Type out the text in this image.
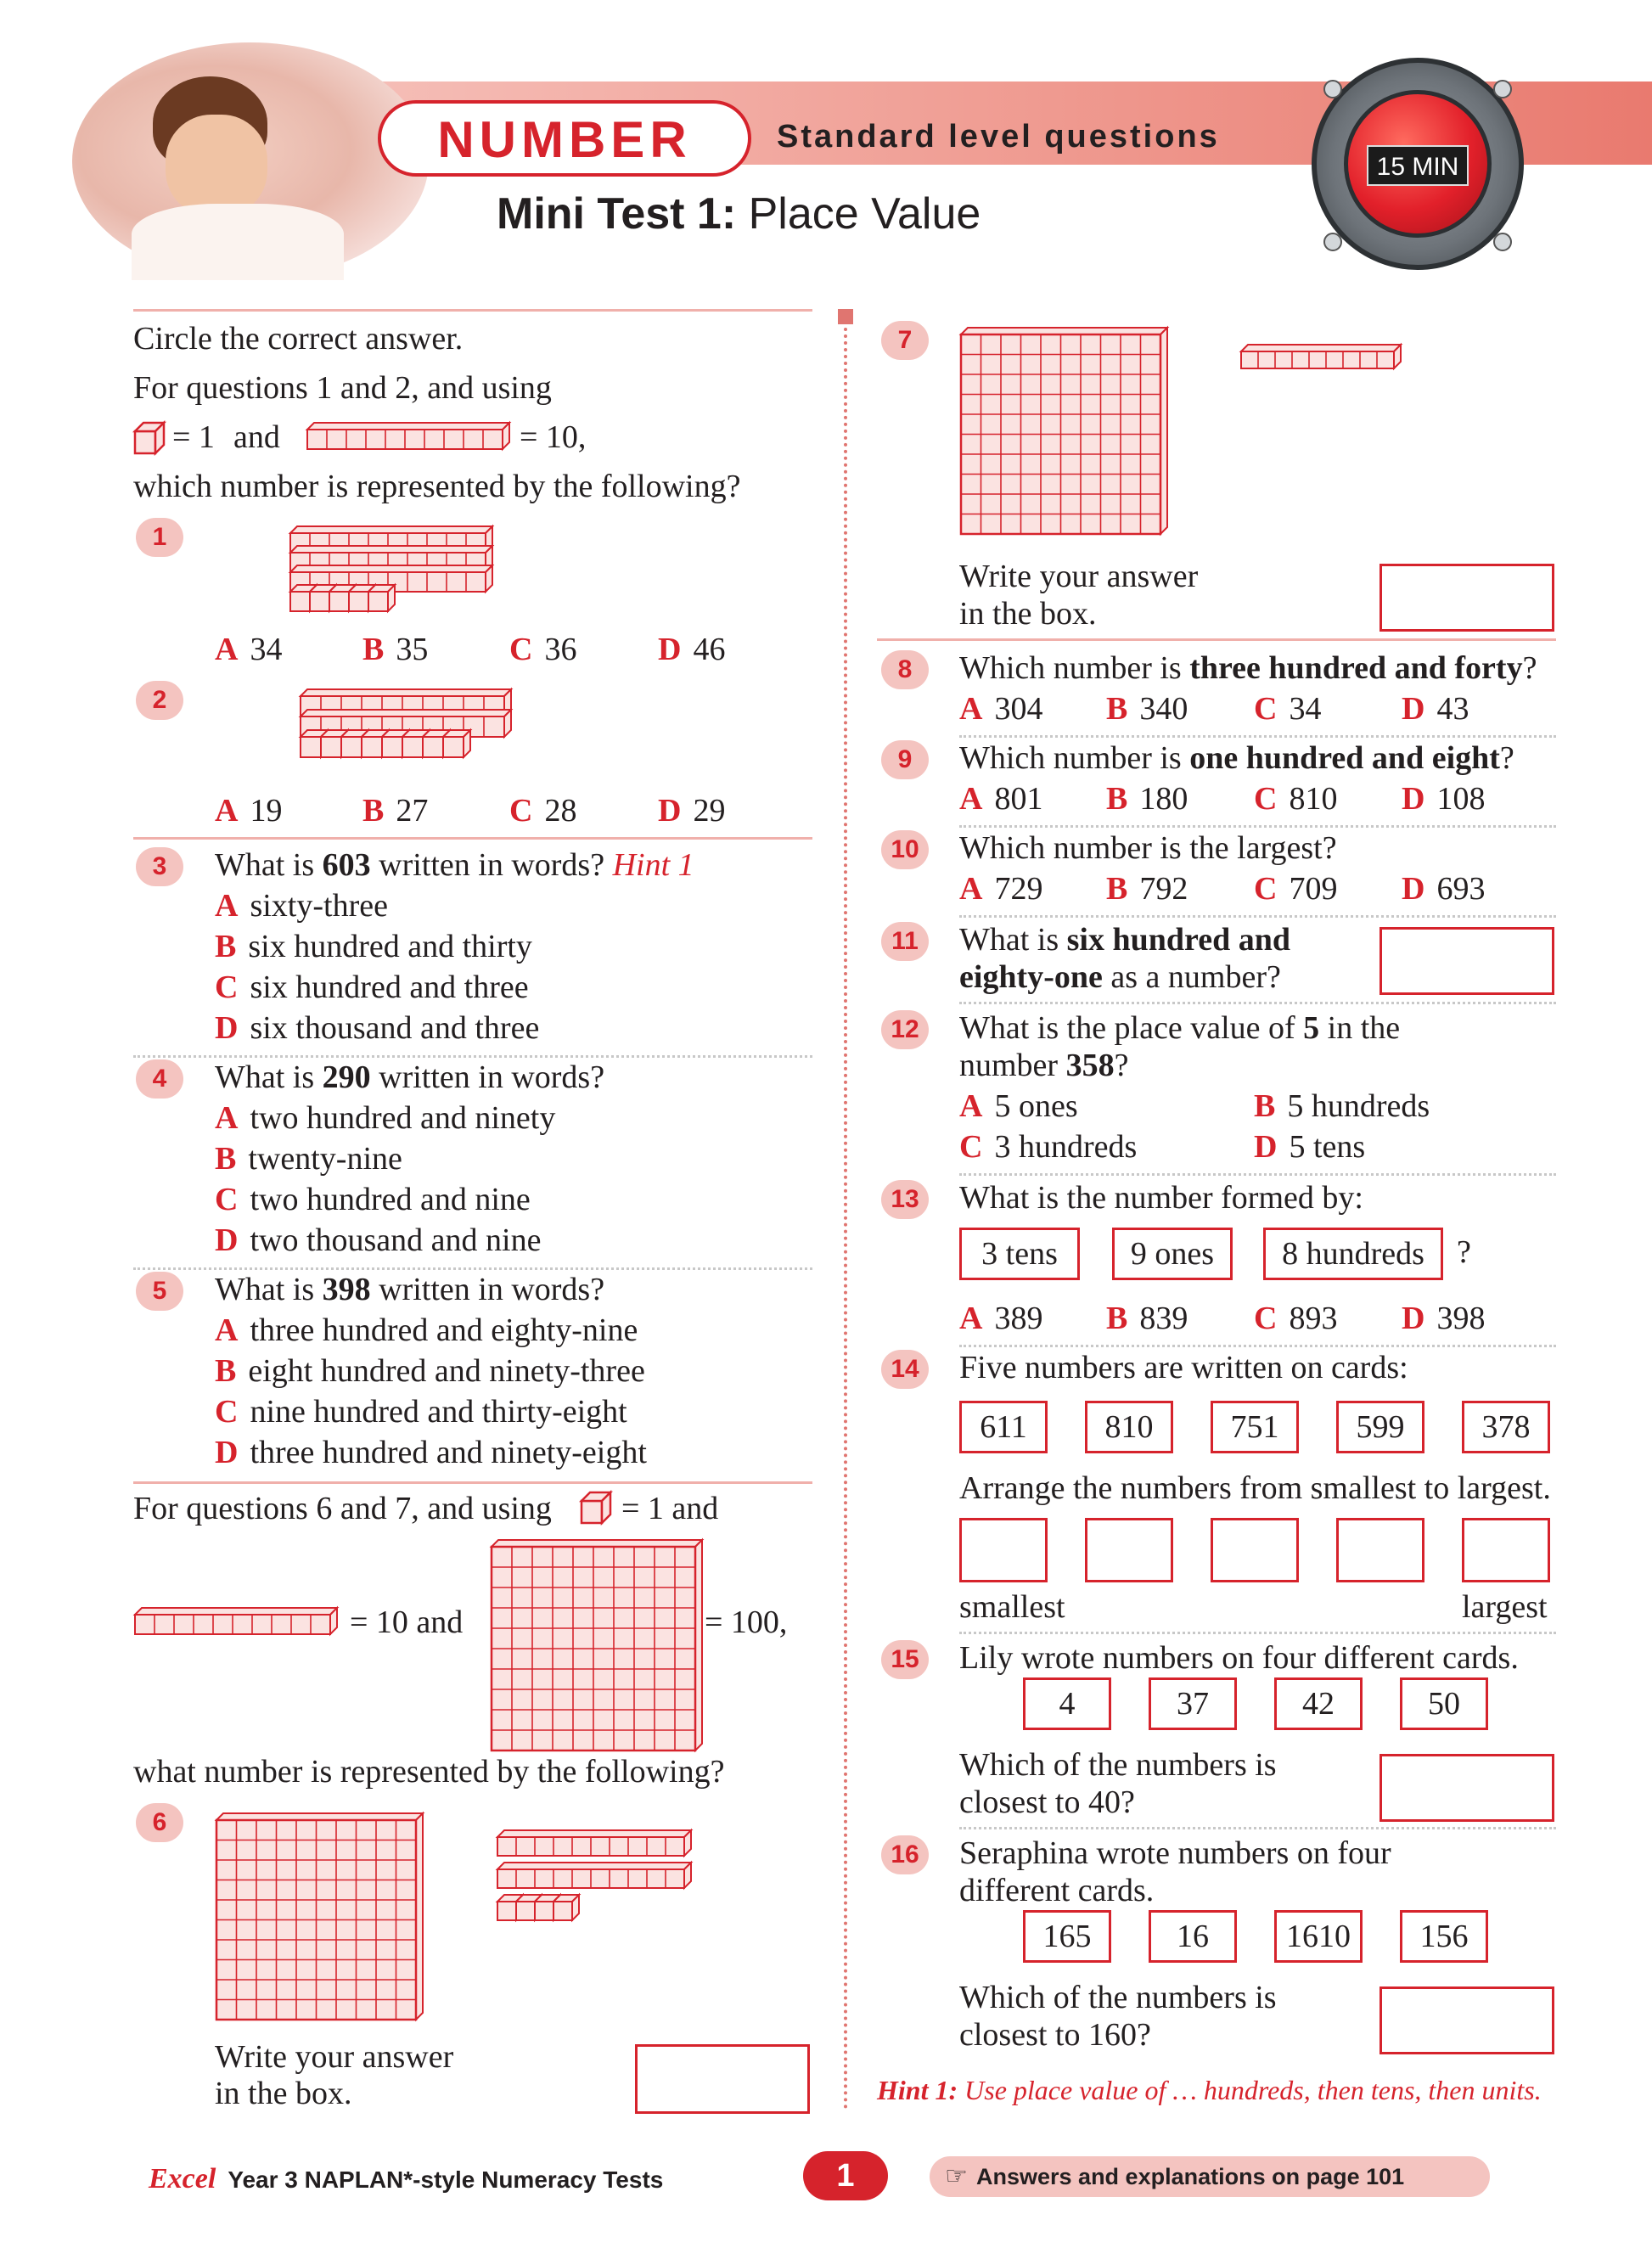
NUMBER	Standard level questions
Mini Test 1: Place Value
15 MIN
Circle the correct answer.
For questions 1 and 2, and using
= 1 and	= 10,
which number is represented by the following?
1
A 34 B 35	C 36	D 46
2
A 19 B 27	C 28	D 29
3	What is 603 written in words? Hint 1
A sixty-three
B six hundred and thirty
C six hundred and three
D six thousand and three
4	What is 290 written in words?
A two hundred and ninety
B twenty-nine
C two hundred and nine
D two thousand and nine
5	What is 398 written in words?
A three hundred and eighty-nine
B eight hundred and ninety-three
C nine hundred and thirty-eight
D three hundred and ninety-eight
For questions 6 and 7, and using = 1 and
= 10 and	= 100,
what number is represented by the following?
6
Write your answer
in the box.
7
Write your answer
in the box.
8	Which number is three hundred and forty?
A 304 B 340 C 34 D 43
9	Which number is one hundred and eight?
A 801 B 180 C 810 D 108
10 Which number is the largest?
A 729 B 792 C 709 D 693
11	What is six hundred and
eighty-one as a number?
12 What is the place value of 5 in the
number 358?
A 5 ones	B 5 hundreds
C 3 hundreds	D 5 tens
13 What is the number formed by:
3 tens	9 ones	8 hundreds	?
A 389 B 839 C 893 D 398
14 Five numbers are written on cards:
611	810	751	599	378
Arrange the numbers from smallest to largest.
smallest	largest
15 Lily wrote numbers on four different cards.
4	37	42	50
Which of the numbers is
closest to 40?
16 Seraphina wrote numbers on four
different cards.
165	16	1610	156
Which of the numbers is
closest to 160?
Hint 1: Use place value of … hundreds, then tens, then units.
Excel Year 3 NAPLAN*-style Numeracy Tests	1	☞ Answers and explanations on page 101
